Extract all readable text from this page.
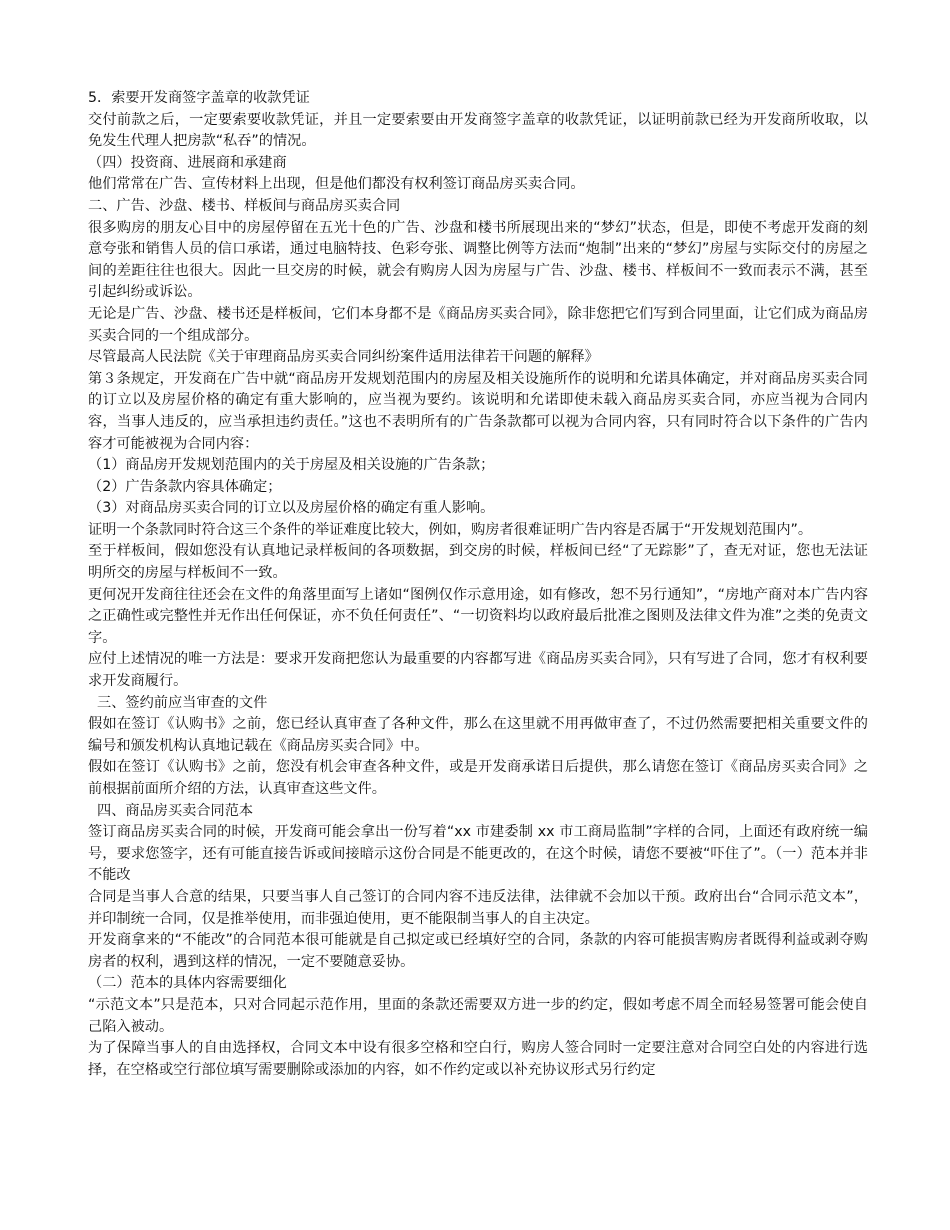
5．索要开发商签字盖章的收款凭证

交付前款之后，一定要索要收款凭证，并且一定要索要由开发商签字盖章的收款凭证，以证明前款已经为开发商所收取，以免发生代理人把房款“私吞”的情况。

（四）投资商、进展商和承建商

他们常常在广告、宣传材料上出现，但是他们都没有权利签订商品房买卖合同。

二、广告、沙盘、楼书、样板间与商品房买卖合同

很多购房的朋友心目中的房屋停留在五光十色的广告、沙盘和楼书所展现出来的“梦幻”状态，但是，即使不考虑开发商的刻意夸张和销售人员的信口承诺，通过电脑特技、色彩夸张、调整比例等方法而“炮制”出来的“梦幻”房屋与实际交付的房屋之间的差距往往也很大。因此一旦交房的时候，就会有购房人因为房屋与广告、沙盘、楼书、样板间不一致而表示不满，甚至引起纠纷或诉讼。

无论是广告、沙盘、楼书还是样板间，它们本身都不是《商品房买卖合同》，除非您把它们写到合同里面，让它们成为商品房买卖合同的一个组成部分。

尽管最高人民法院《关于审理商品房买卖合同纠纷案件适用法律若干问题的解释》

第３条规定，开发商在广告中就“商品房开发规划范围内的房屋及相关设施所作的说明和允诺具体确定，并对商品房买卖合同的订立以及房屋价格的确定有重大影响的，应当视为要约。该说明和允诺即使未载入商品房买卖合同，亦应当视为合同内容，当事人违反的，应当承担违约责任。”这也不表明所有的广告条款都可以视为合同内容，只有同时符合以下条件的广告内容才可能被视为合同内容：

（1）商品房开发规划范围内的关于房屋及相关设施的广告条款；

（2）广告条款内容具体确定；

（3）对商品房买卖合同的订立以及房屋价格的确定有重人影响。

证明一个条款同时符合这三个条件的举证难度比较大，例如，购房者很难证明广告内容是否属于“开发规划范围内”。

至于样板间，假如您没有认真地记录样板间的各项数据，到交房的时候，样板间已经“了无踪影”了，查无对证，您也无法证明所交的房屋与样板间不一致。

更何况开发商往往还会在文件的角落里面写上诸如“图例仅作示意用途，如有修改，恕不另行通知”，“房地产商对本广告内容之正确性或完整性并无作出任何保证，亦不负任何责任”、“一切资料均以政府最后批准之图则及法律文件为准”之类的免责文字。

应付上述情况的唯一方法是：要求开发商把您认为最重要的内容都写进《商品房买卖合同》，只有写进了合同，您才有权利要求开发商履行。

三、签约前应当审查的文件

假如在签订《认购书》之前，您已经认真审查了各种文件，那么在这里就不用再做审查了，不过仍然需要把相关重要文件的编号和颁发机构认真地记载在《商品房买卖合同》中。

假如在签订《认购书》之前，您没有机会审查各种文件，或是开发商承诺日后提供，那么请您在签订《商品房买卖合同》之前根据前面所介绍的方法，认真审查这些文件。

四、商品房买卖合同范本

签订商品房买卖合同的时候，开发商可能会拿出一份写着“xx 市建委制 xx 市工商局监制”字样的合同，上面还有政府统一编号，要求您签字，还有可能直接告诉或间接暗示这份合同是不能更改的，在这个时候，请您不要被“吓住了”。（一）范本并非不能改

合同是当事人合意的结果，只要当事人自己签订的合同内容不违反法律，法律就不会加以干预。政府出台“合同示范文本”，并印制统一合同，仅是推举使用，而非强迫使用，更不能限制当事人的自主决定。

开发商拿来的“不能改”的合同范本很可能就是自己拟定或已经填好空的合同，条款的内容可能损害购房者既得利益或剥夺购房者的权利，遇到这样的情况，一定不要随意妥协。

（二）范本的具体内容需要细化

“示范文本”只是范本，只对合同起示范作用，里面的条款还需要双方进一步的约定，假如考虑不周全而轻易签署可能会使自己陷入被动。

为了保障当事人的自由选择权，合同文本中设有很多空格和空白行，购房人签合同时一定要注意对合同空白处的内容进行选择，在空格或空行部位填写需要删除或添加的内容，如不作约定或以补充协议形式另行约定
